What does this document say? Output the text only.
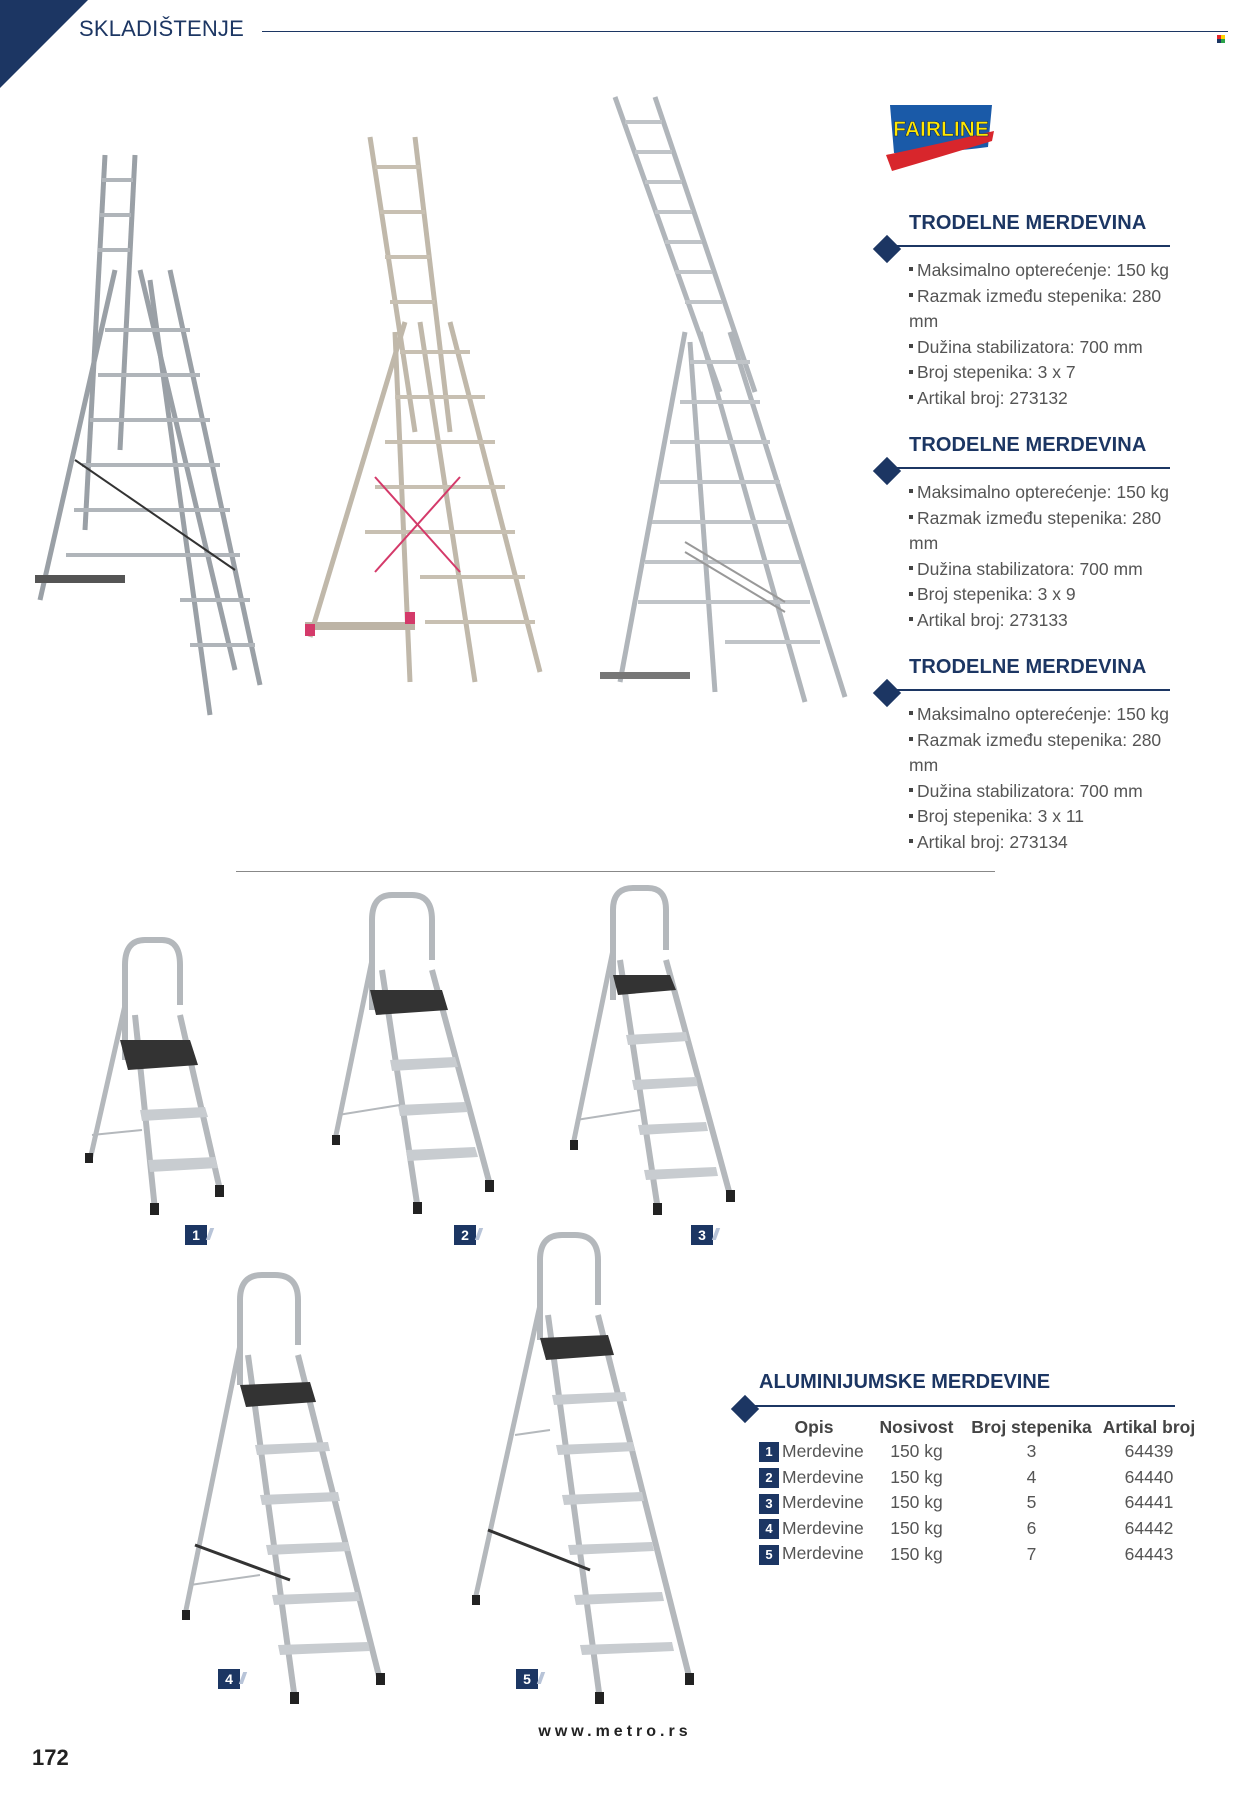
SKLADIŠTENJE
FAIRLINE
TRODELNE MERDEVINA
Maksimalno opterećenje: 150 kg
Razmak između stepenika: 280 mm
Dužina stabilizatora: 700 mm
Broj stepenika: 3 x 7
Artikal broj: 273132
TRODELNE MERDEVINA
Maksimalno opterećenje: 150 kg
Razmak između stepenika: 280 mm
Dužina stabilizatora: 700 mm
Broj stepenika: 3 x 9
Artikal broj: 273133
TRODELNE MERDEVINA
Maksimalno opterećenje: 150 kg
Razmak između stepenika: 280 mm
Dužina stabilizatora: 700 mm
Broj stepenika: 3 x 11
Artikal broj: 273134
1	2	3
4	5
ALUMINIJUMSKE MERDEVINE
Opis	Nosivost	Broj stepenika	Artikal broj
1 Merdevine	150 kg	3	64439
2 Merdevine	150 kg	4	64440
3 Merdevine	150 kg	5	64441
4 Merdevine	150 kg	6	64442
5 Merdevine	150 kg	7	64443
www.metro.rs
172
